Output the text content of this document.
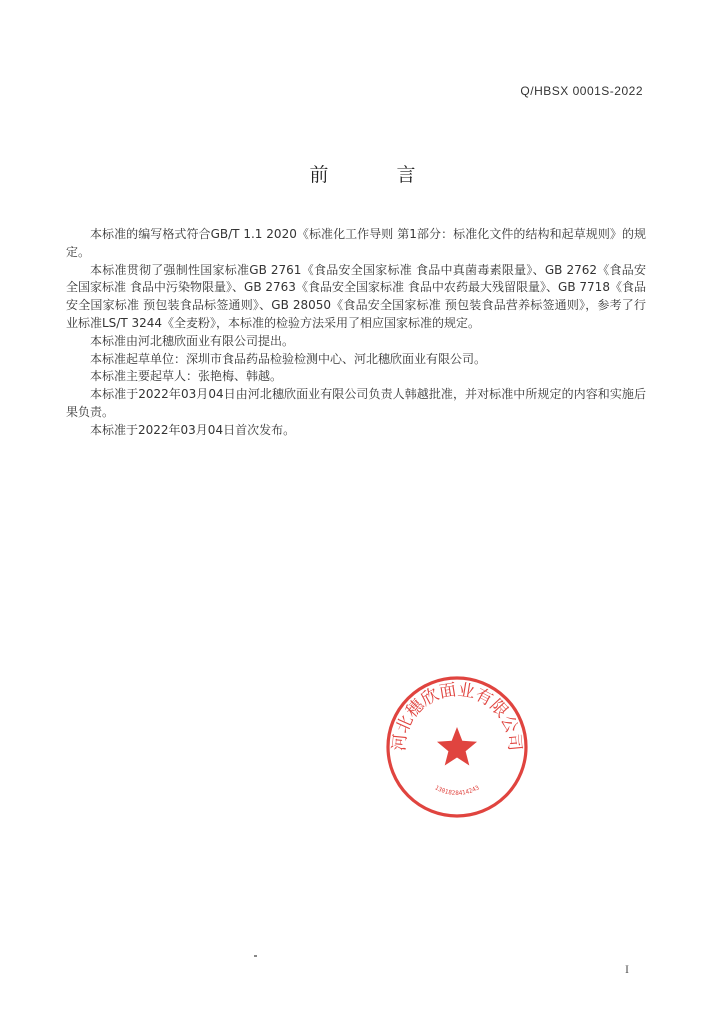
Q/HBSX 0001S-2022
前	言

本标准的编写格式符合GB/T 1.1 2020《标准化工作导则 第1部分：标准化文件的结构和起草规则》的规定。

本标准贯彻了强制性国家标准GB 2761《食品安全国家标准 食品中真菌毒素限量》、GB 2762《食品安全国家标准 食品中污染物限量》、GB 2763《食品安全国家标准 食品中农药最大残留限量》、GB 7718《食品安全国家标准 预包装食品标签通则》、GB 28050《食品安全国家标准 预包装食品营养标签通则》，参考了行业标准LS/T 3244《全麦粉》，本标准的检验方法采用了相应国家标准的规定。

本标准由河北穗欣面业有限公司提出。

本标准起草单位：深圳市食品药品检验检测中心、河北穗欣面业有限公司。

本标准主要起草人：张艳梅、韩越。

本标准于2022年03月04日由河北穗欣面业有限公司负责人韩越批准，并对标准中所规定的内容和实施后果负责。

本标准于2022年03月04日首次发布。

河北穗欣面业有限公司
1301828414243
I
